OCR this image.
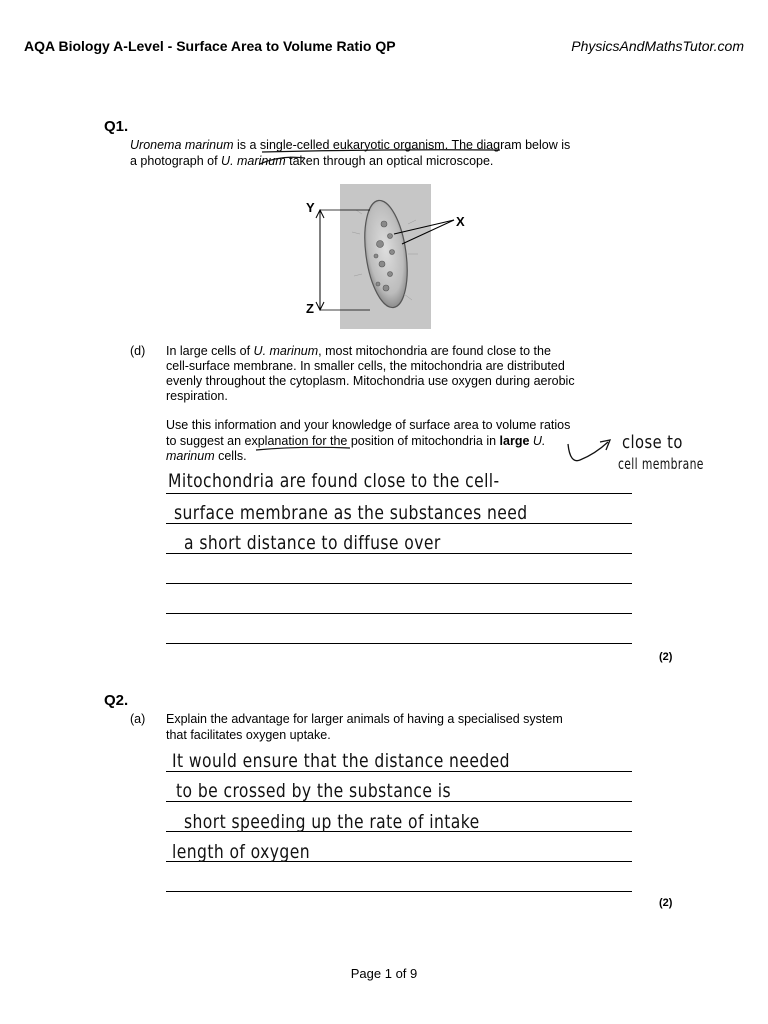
AQA Biology A-Level - Surface Area to Volume Ratio QP	PhysicsAndMathsTutor.com
Q1.
Uronema marinum is a single-celled eukaryotic organism. The diagram below is
a photograph of U. marinum taken through an optical microscope.
Y
Z
X
(d) In large cells of U. marinum, most mitochondria are found close to the
cell-surface membrane. In smaller cells, the mitochondria are distributed
evenly throughout the cytoplasm. Mitochondria use oxygen during aerobic
respiration.
Use this information and your knowledge of surface area to volume ratios
to suggest an explanation for the position of mitochondria in large U.
marinum cells.
close to
cell membrane
Mitochondria are found close to the cell-
surface membrane as the substances need
a short distance to diffuse over
(2)
Q2.
(a) Explain the advantage for larger animals of having a specialised system
that facilitates oxygen uptake.
It would ensure that the distance needed
to be crossed by the substance is
short speeding up the rate of intake
length of oxygen
(2)
Page 1 of 9
